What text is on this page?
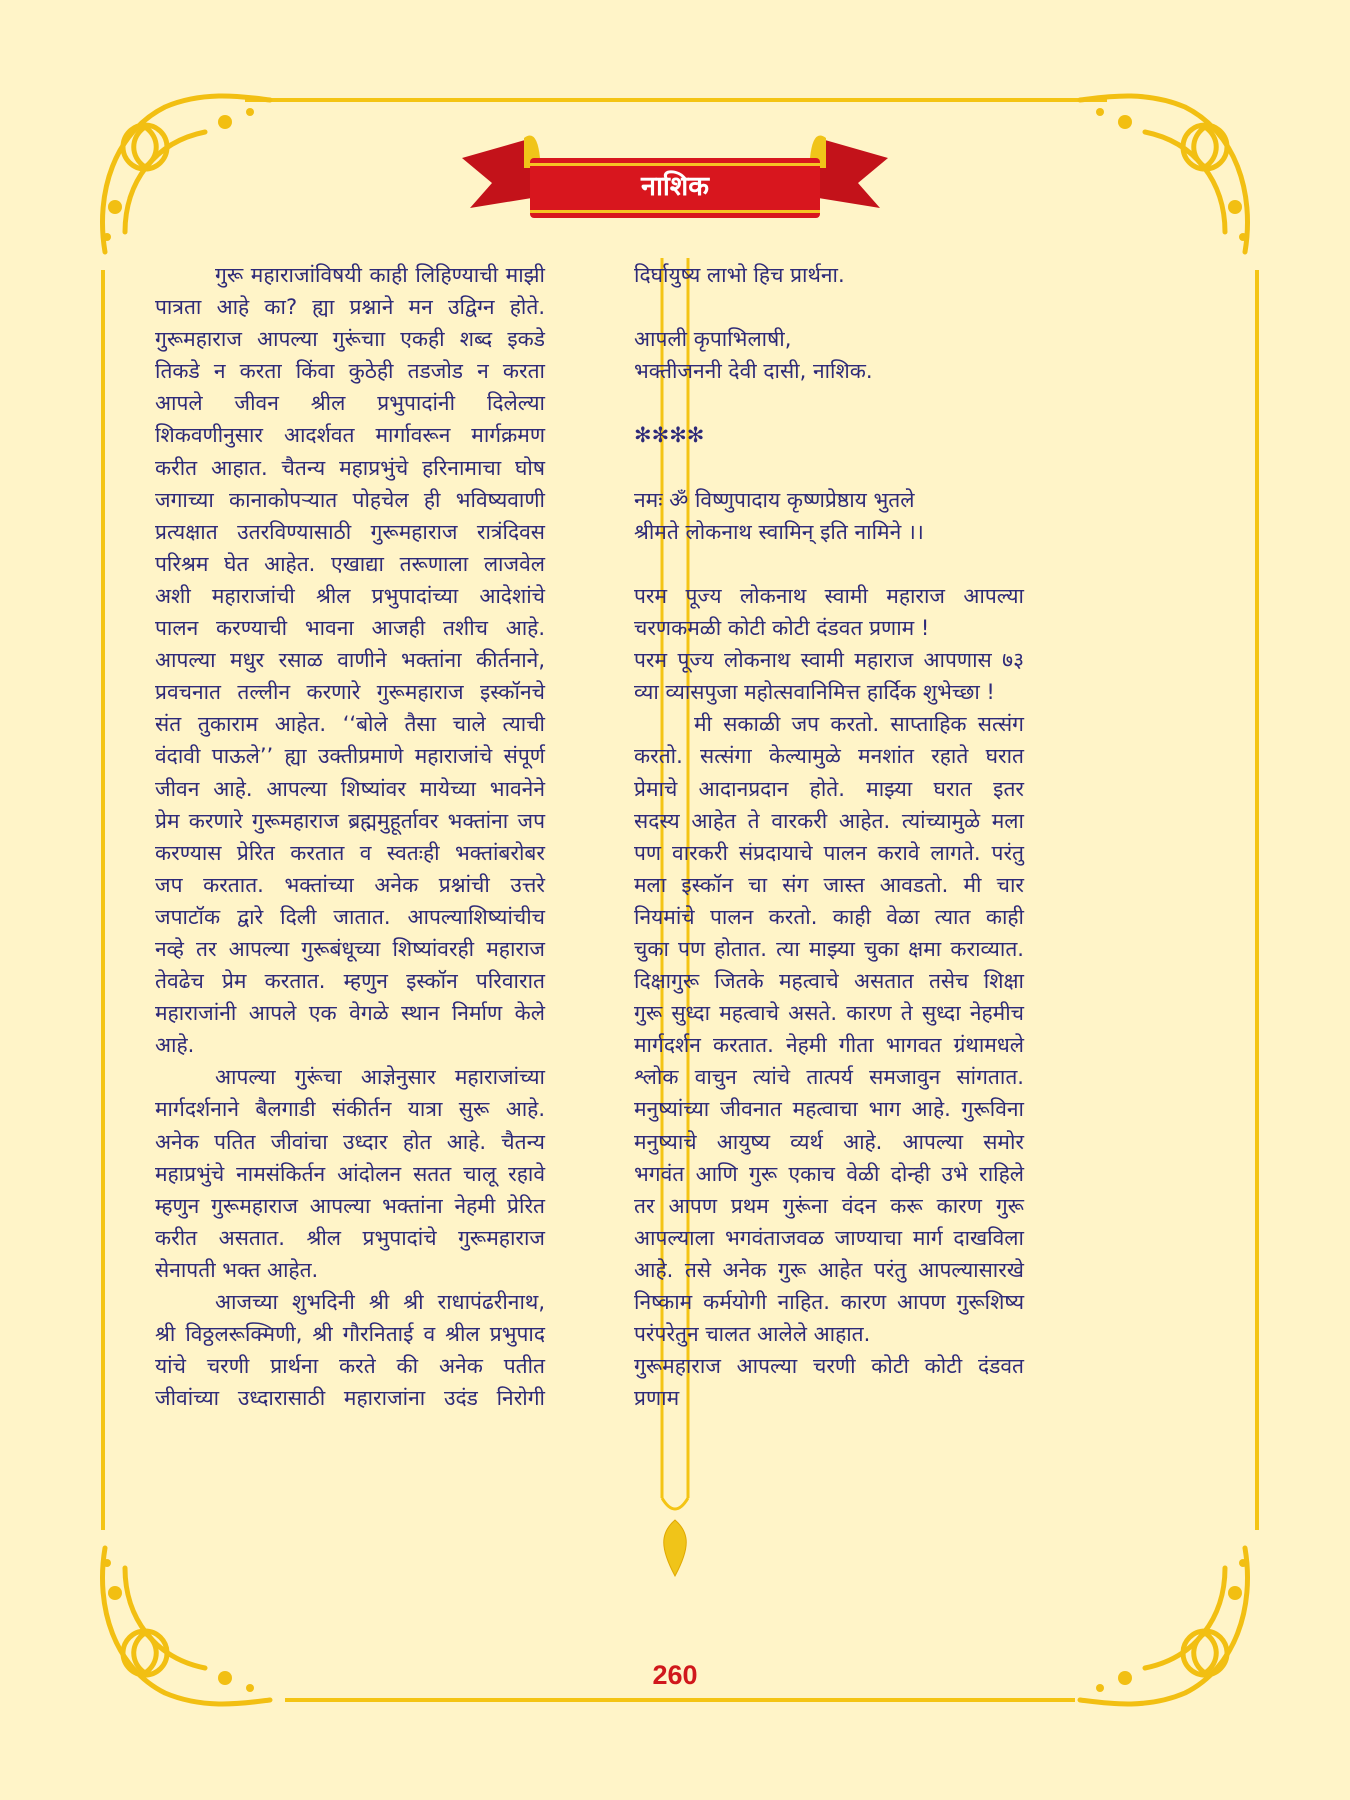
नाशिक
गुरू महाराजांविषयी काही लिहिण्याची माझी
पात्रता आहे का? ह्या प्रश्नाने मन उद्विग्न होते.
गुरूमहाराज आपल्या गुरूंचाा एकही शब्द इकडे
तिकडे न करता किंवा कुठेही तडजोड न करता
आपले जीवन श्रील प्रभुपादांनी दिलेल्या
शिकवणीनुसार आदर्शवत मार्गावरून मार्गक्रमण
करीत आहात. चैतन्य महाप्रभुंचे हरिनामाचा घोष
जगाच्या कानाकोपऱ्यात पोहचेल ही भविष्यवाणी
प्रत्यक्षात उतरविण्यासाठी गुरूमहाराज रात्रंदिवस
परिश्रम घेत आहेत. एखाद्या तरूणाला लाजवेल
अशी महाराजांची श्रील प्रभुपादांच्या आदेशांचे
पालन करण्याची भावना आजही तशीच आहे.
आपल्या मधुर रसाळ वाणीने भक्तांना कीर्तनाने,
प्रवचनात तल्लीन करणारे गुरूमहाराज इस्कॉनचे
संत तुकाराम आहेत. ‘‘बोले तैसा चाले त्याची
वंदावी पाऊले’’ ह्या उक्तीप्रमाणे महाराजांचे संपूर्ण
जीवन आहे. आपल्या शिष्यांवर मायेच्या भावनेने
प्रेम करणारे गुरूमहाराज ब्रह्ममुहूर्तावर भक्तांना जप
करण्यास प्रेरित करतात व स्वतःही भक्तांबरोबर
जप करतात. भक्तांच्या अनेक प्रश्नांची उत्तरे
जपाटॉक द्वारे दिली जातात. आपल्याशिष्यांचीच
नव्हे तर आपल्या गुरूबंधूच्या शिष्यांवरही महाराज
तेवढेच प्रेम करतात. म्हणुन इस्कॉन परिवारात
महाराजांनी आपले एक वेगळे स्थान निर्माण केले
आहे.
आपल्या गुरूंचा आज्ञेनुसार महाराजांच्या
मार्गदर्शनाने बैलगाडी संकीर्तन यात्रा सुरू आहे.
अनेक पतित जीवांचा उध्दार होत आहे. चैतन्य
महाप्रभुंचे नामसंकिर्तन आंदोलन सतत चालू रहावे
म्हणुन गुरूमहाराज आपल्या भक्तांना नेहमी प्रेरित
करीत असतात. श्रील प्रभुपादांचे गुरूमहाराज
सेनापती भक्त आहेत.
आजच्या शुभदिनी श्री श्री राधापंढरीनाथ,
श्री विठ्ठलरूक्मिणी, श्री गौरनिताई व श्रील प्रभुपाद
यांचे चरणी प्रार्थना करते की अनेक पतीत
जीवांच्या उध्दारासाठी महाराजांना उदंड निरोगी
दिर्घायुष्य लाभो हिच प्रार्थना.
आपली कृपाभिलाषी,
भक्तीजननी देवी दासी, नाशिक.
✻✻✻✻
नमः ॐ विष्णुपादाय कृष्णप्रेष्ठाय भुतले
श्रीमते लोकनाथ स्वामिन् इति नामिने ।।
परम पूज्य लोकनाथ स्वामी महाराज आपल्या
चरणकमळी कोटी कोटी दंडवत प्रणाम !
परम पूज्य लोकनाथ स्वामी महाराज आपणास ७३
व्या व्यासपुजा महोत्सवानिमित्त हार्दिक शुभेच्छा !
मी सकाळी जप करतो. साप्ताहिक सत्संग
करतो. सत्संगा केल्यामुळे मनशांत रहाते घरात
प्रेमाचे आदानप्रदान होते. माझ्या घरात इतर
सदस्य आहेत ते वारकरी आहेत. त्यांच्यामुळे मला
पण वारकरी संप्रदायाचे पालन करावे लागते. परंतु
मला इस्कॉन चा संग जास्त आवडतो. मी चार
नियमांचे पालन करतो. काही वेळा त्यात काही
चुका पण होतात. त्या माझ्या चुका क्षमा कराव्यात.
दिक्षागुरू जितके महत्वाचे असतात तसेच शिक्षा
गुरू सुध्दा महत्वाचे असते. कारण ते सुध्दा नेहमीच
मार्गदर्शन करतात. नेहमी गीता भागवत ग्रंथामधले
श्लोक वाचुन त्यांचे तात्पर्य समजावुन सांगतात.
मनुष्यांच्या जीवनात महत्वाचा भाग आहे. गुरूविना
मनुष्याचे आयुष्य व्यर्थ आहे. आपल्या समोर
भगवंत आणि गुरू एकाच वेळी दोन्ही उभे राहिले
तर आपण प्रथम गुरूंना वंदन करू कारण गुरू
आपल्याला भगवंताजवळ जाण्याचा मार्ग दाखविला
आहे. तसे अनेक गुरू आहेत परंतु आपल्यासारखे
निष्काम कर्मयोगी नाहित. कारण आपण गुरूशिष्य
परंपरेतुन चालत आलेले आहात.
गुरूमहाराज आपल्या चरणी कोटी कोटी दंडवत
प्रणाम
260
